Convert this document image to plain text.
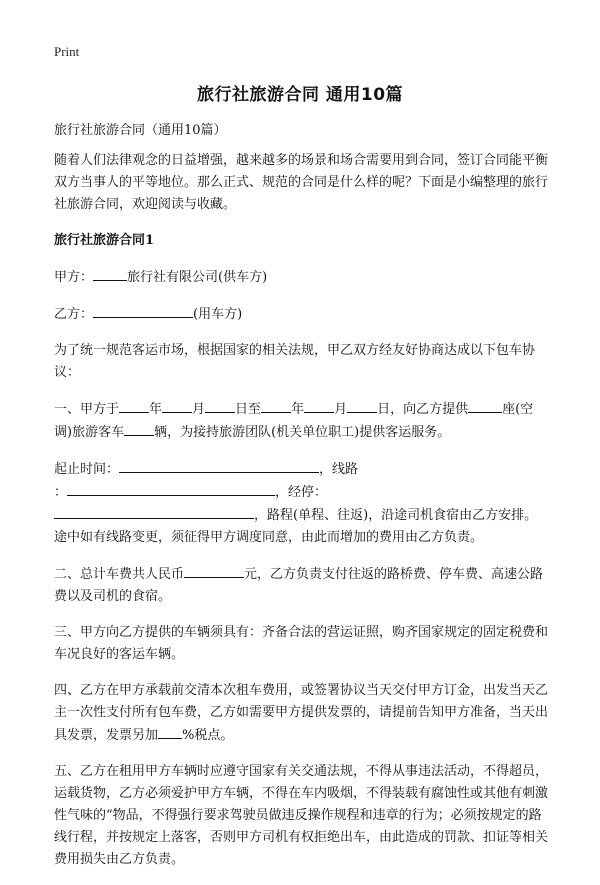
Print
旅行社旅游合同 通用10篇

旅行社旅游合同（通用10篇）

随着人们法律观念的日益增强，越来越多的场景和场合需要用到合同，签订合同能平衡双方当事人的平等地位。那么正式、规范的合同是什么样的呢？下面是小编整理的旅行社旅游合同，欢迎阅读与收藏。

旅行社旅游合同1

甲方：	旅行社有限公司(供车方)

乙方：	(用车方)

为了统一规范客运市场，根据国家的相关法规，甲乙双方经友好协商达成以下包车协议：

一、甲方于 年 月 日至 年 月 日，向乙方提供	座(空调)旅游客车 辆，为接持旅游团队(机关单位职工)提供客运服务。

起止时间：	，线路
：	，经停：
，路程(单程、往返)，沿途司机食宿由乙方安排。途中如有线路变更，须征得甲方调度同意，由此而增加的费用由乙方负责。

二、总计车费共人民币	元，乙方负责支付往返的路桥费、停车费、高速公路费以及司机的食宿。

三、甲方向乙方提供的车辆须具有：齐备合法的营运证照，购齐国家规定的固定税费和车况良好的客运车辆。

四、乙方在甲方承载前交清本次租车费用，或签署协议当天交付甲方订金，出发当天乙主一次性支付所有包车费，乙方如需要甲方提供发票的，请提前告知甲方准备，当天出具发票，发票另加 %税点。

五、乙方在租用甲方车辆时应遵守国家有关交通法规，不得从事违法活动，不得超员，运载货物，乙方必须爱护甲方车辆，不得在车内吸烟，不得装载有腐蚀性或其他有刺激性气味的“物品，不得强行要求驾驶员做违反操作规程和违章的行为；必须按规定的路线行程，并按规定上落客，否则甲方司机有权拒绝出车，由此造成的罚款、扣证等相关费用损失由乙方负责。
